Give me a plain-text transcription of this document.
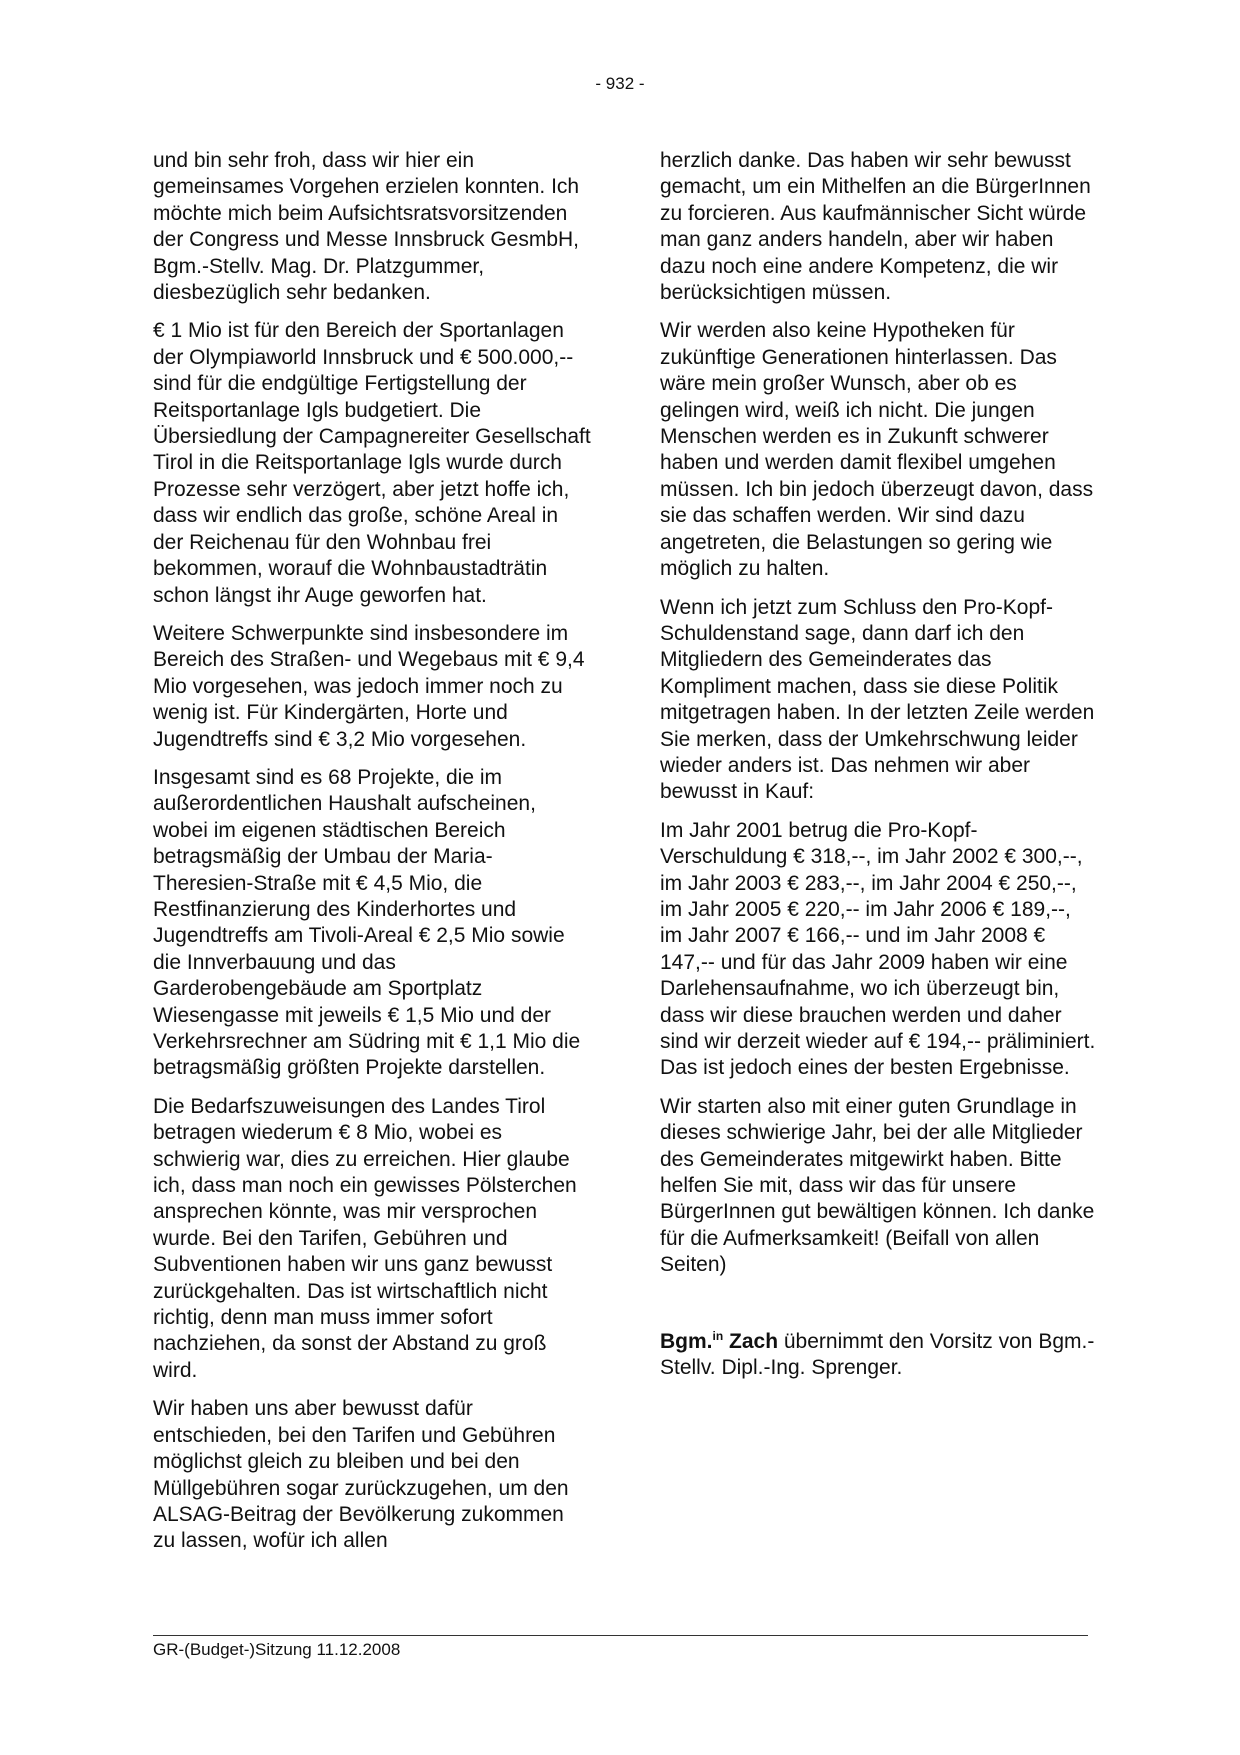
- 932 -

und bin sehr froh, dass wir hier ein gemeinsames Vorgehen erzielen konnten. Ich möchte mich beim Aufsichtsratsvorsitzenden der Congress und Messe Innsbruck GesmbH, Bgm.-Stellv. Mag. Dr. Platzgummer, diesbezüglich sehr bedanken.

€ 1 Mio ist für den Bereich der Sportanlagen der Olympiaworld Innsbruck und € 500.000,-- sind für die endgültige Fertigstellung der Reitsportanlage Igls budgetiert. Die Übersiedlung der Campagnereiter Gesellschaft Tirol in die Reitsportanlage Igls wurde durch Prozesse sehr verzögert, aber jetzt hoffe ich, dass wir endlich das große, schöne Areal in der Reichenau für den Wohnbau frei bekommen, worauf die Wohnbaustadträtin schon längst ihr Auge geworfen hat.

Weitere Schwerpunkte sind insbesondere im Bereich des Straßen- und Wegebaus mit € 9,4 Mio vorgesehen, was jedoch immer noch zu wenig ist. Für Kindergärten, Horte und Jugendtreffs sind € 3,2 Mio vorgesehen.

Insgesamt sind es 68 Projekte, die im außerordentlichen Haushalt aufscheinen, wobei im eigenen städtischen Bereich betragsmäßig der Umbau der Maria-Theresien-Straße mit € 4,5 Mio, die Restfinanzierung des Kinderhortes und Jugendtreffs am Tivoli-Areal € 2,5 Mio sowie die Innverbauung und das Garderobengebäude am Sportplatz Wiesengasse mit jeweils € 1,5 Mio und der Verkehrsrechner am Südring mit € 1,1 Mio die betragsmäßig größten Projekte darstellen.

Die Bedarfszuweisungen des Landes Tirol betragen wiederum € 8 Mio, wobei es schwierig war, dies zu erreichen. Hier glaube ich, dass man noch ein gewisses Pölsterchen ansprechen könnte, was mir versprochen wurde. Bei den Tarifen, Gebühren und Subventionen haben wir uns ganz bewusst zurückgehalten. Das ist wirtschaftlich nicht richtig, denn man muss immer sofort nachziehen, da sonst der Abstand zu groß wird.

Wir haben uns aber bewusst dafür entschieden, bei den Tarifen und Gebühren möglichst gleich zu bleiben und bei den Müllgebühren sogar zurückzugehen, um den ALSAG-Beitrag der Bevölkerung zukommen zu lassen, wofür ich allen

herzlich danke. Das haben wir sehr bewusst gemacht, um ein Mithelfen an die BürgerInnen zu forcieren. Aus kaufmännischer Sicht würde man ganz anders handeln, aber wir haben dazu noch eine andere Kompetenz, die wir berücksichtigen müssen.

Wir werden also keine Hypotheken für zukünftige Generationen hinterlassen. Das wäre mein großer Wunsch, aber ob es gelingen wird, weiß ich nicht. Die jungen Menschen werden es in Zukunft schwerer haben und werden damit flexibel umgehen müssen. Ich bin jedoch überzeugt davon, dass sie das schaffen werden. Wir sind dazu angetreten, die Belastungen so gering wie möglich zu halten.

Wenn ich jetzt zum Schluss den Pro-Kopf-Schuldenstand sage, dann darf ich den Mitgliedern des Gemeinderates das Kompliment machen, dass sie diese Politik mitgetragen haben. In der letzten Zeile werden Sie merken, dass der Umkehrschwung leider wieder anders ist. Das nehmen wir aber bewusst in Kauf:

Im Jahr 2001 betrug die Pro-Kopf-Verschuldung € 318,--, im Jahr 2002 € 300,--, im Jahr 2003 € 283,--, im Jahr 2004 € 250,--, im Jahr 2005 € 220,-- im Jahr 2006 € 189,--, im Jahr 2007 € 166,-- und im Jahr 2008 € 147,-- und für das Jahr 2009 haben wir eine Darlehensaufnahme, wo ich überzeugt bin, dass wir diese brauchen werden und daher sind wir derzeit wieder auf € 194,-- präliminiert. Das ist jedoch eines der besten Ergebnisse.

Wir starten also mit einer guten Grundlage in dieses schwierige Jahr, bei der alle Mitglieder des Gemeinderates mitgewirkt haben. Bitte helfen Sie mit, dass wir das für unsere BürgerInnen gut bewältigen können. Ich danke für die Aufmerksamkeit! (Beifall von allen Seiten)

Bgm.$^{in}$ Zach übernimmt den Vorsitz von Bgm.-Stellv. Dipl.-Ing. Sprenger.

GR-(Budget-)Sitzung 11.12.2008
